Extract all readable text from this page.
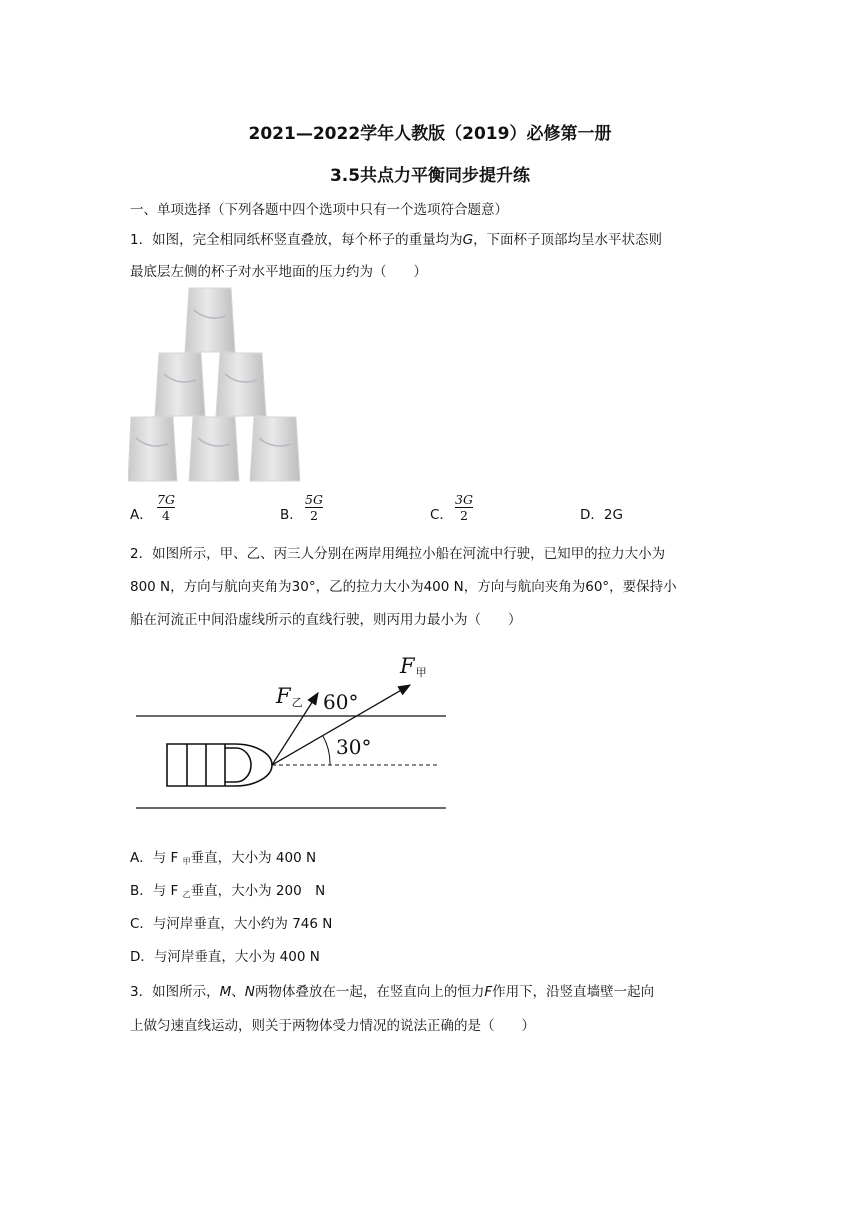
2021—2022学年人教版（2019）必修第一册
3.5共点力平衡同步提升练
一、单项选择（下列各题中四个选项中只有一个选项符合题意）
1．如图，完全相同纸杯竖直叠放，每个杯子的重量均为G，下面杯子顶部均呈水平状态则
最底层左侧的杯子对水平地面的压力约为（　　）
A．
7G
4	B．
5G
2	C．
3G
2	D．2G
2．如图所示，甲、乙、丙三人分别在两岸用绳拉小船在河流中行驶，已知甲的拉力大小为
800 N，方向与航向夹角为30°，乙的拉力大小为400 N，方向与航向夹角为60°，要保持小
船在河流正中间沿虚线所示的直线行驶，则丙用力最小为（　　）
F甲
F乙 60°
30°
A．与 F $_甲$垂直，大小为 400 N
B．与 F $_乙$垂直，大小为 200　N
C．与河岸垂直，大小约为 746 N
D．与河岸垂直，大小为 400 N
3．如图所示，M、N两物体叠放在一起，在竖直向上的恒力F作用下，沿竖直墙壁一起向
上做匀速直线运动，则关于两物体受力情况的说法正确的是（　　）
